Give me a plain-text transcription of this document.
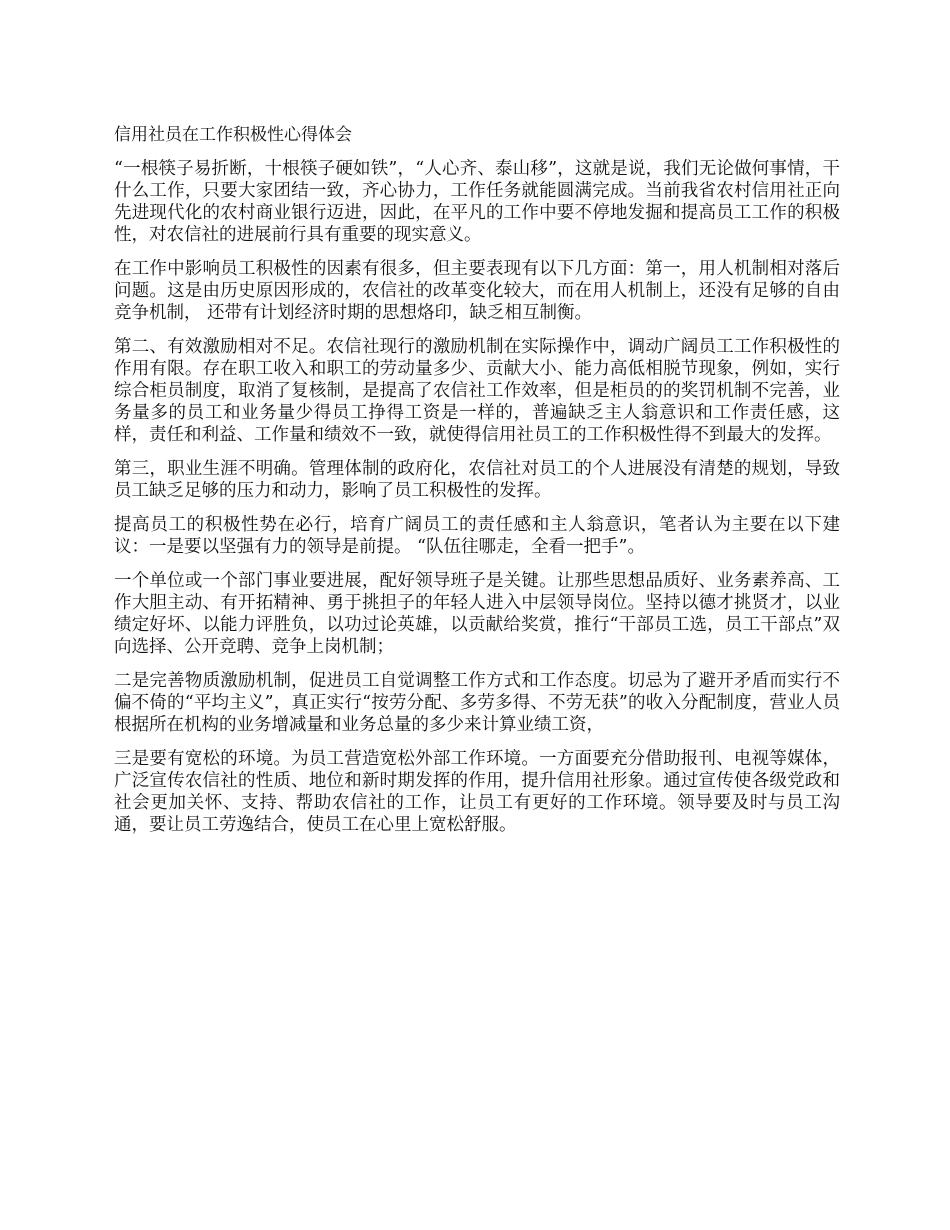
信用社员在工作积极性心得体会

“一根筷子易折断，十根筷子硬如铁”，“人心齐、泰山移”，这就是说，我们无论做何事情，干什么工作，只要大家团结一致，齐心协力，工作任务就能圆满完成。当前我省农村信用社正向先进现代化的农村商业银行迈进，因此，在平凡的工作中要不停地发掘和提高员工工作的积极性，对农信社的进展前行具有重要的现实意义。

在工作中影响员工积极性的因素有很多，但主要表现有以下几方面：第一，用人机制相对落后问题。这是由历史原因形成的，农信社的改革变化较大，而在用人机制上，还没有足够的自由竞争机制， 还带有计划经济时期的思想烙印，缺乏相互制衡。

第二、有效激励相对不足。农信社现行的激励机制在实际操作中，调动广阔员工工作积极性的作用有限。存在职工收入和职工的劳动量多少、贡献大小、能力高低相脱节现象，例如，实行综合柜员制度，取消了复核制，是提高了农信社工作效率，但是柜员的的奖罚机制不完善，业务量多的员工和业务量少得员工挣得工资是一样的，普遍缺乏主人翁意识和工作责任感，这样，责任和利益、工作量和绩效不一致，就使得信用社员工的工作积极性得不到最大的发挥。

第三，职业生涯不明确。管理体制的政府化，农信社对员工的个人进展没有清楚的规划，导致员工缺乏足够的压力和动力，影响了员工积极性的发挥。

提高员工的积极性势在必行，培育广阔员工的责任感和主人翁意识，笔者认为主要在以下建议：一是要以坚强有力的领导是前提。 “队伍往哪走，全看一把手”。

一个单位或一个部门事业要进展，配好领导班子是关键。让那些思想品质好、业务素养高、工作大胆主动、有开拓精神、勇于挑担子的年轻人进入中层领导岗位。坚持以德才挑贤才，以业绩定好坏、以能力评胜负，以功过论英雄，以贡献给奖赏，推行“干部员工选，员工干部点”双向选择、公开竞聘、竞争上岗机制；

二是完善物质激励机制，促进员工自觉调整工作方式和工作态度。切忌为了避开矛盾而实行不偏不倚的“平均主义”，真正实行“按劳分配、多劳多得、不劳无获”的收入分配制度，营业人员根据所在机构的业务增减量和业务总量的多少来计算业绩工资，

三是要有宽松的环境。为员工营造宽松外部工作环境。一方面要充分借助报刊、电视等媒体，广泛宣传农信社的性质、地位和新时期发挥的作用，提升信用社形象。通过宣传使各级党政和社会更加关怀、支持、帮助农信社的工作，让员工有更好的工作环境。领导要及时与员工沟通，要让员工劳逸结合，使员工在心里上宽松舒服。
